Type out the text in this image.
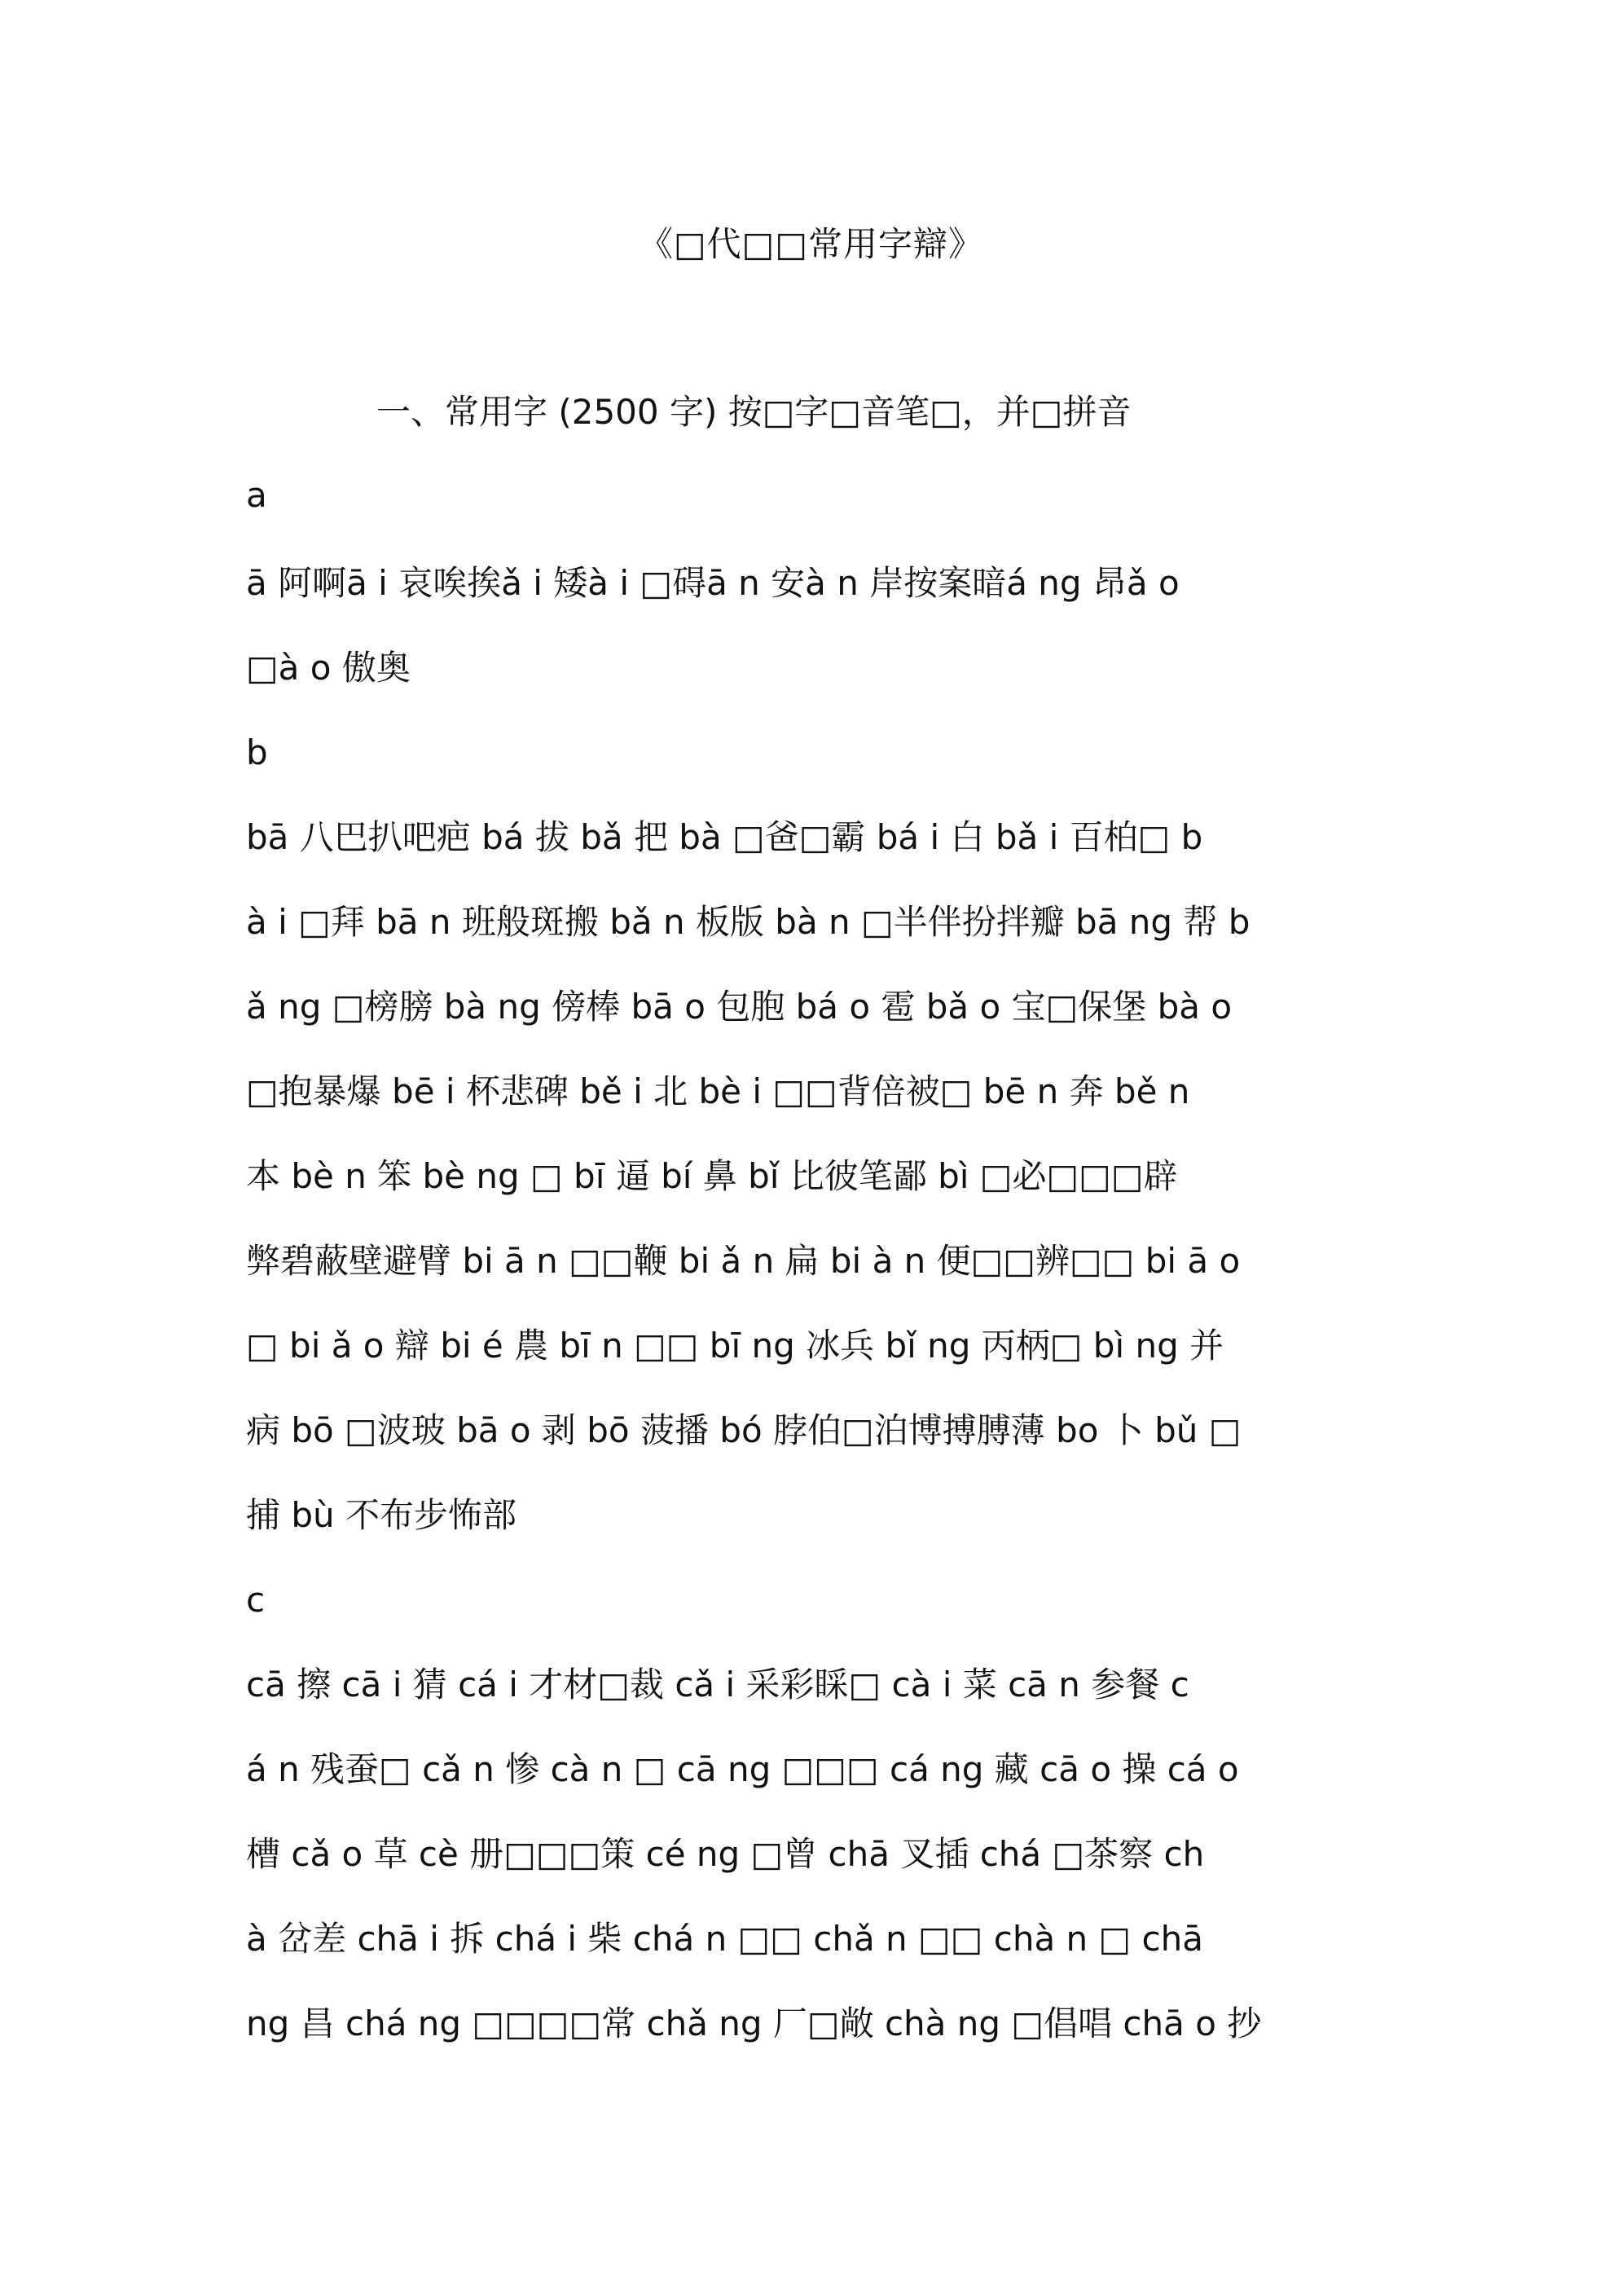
《□代□□常用字辯》
一、常用字 (2500 字) 按□字□音笔□，并□拼音
a
ā 阿啊ā i 哀唉挨ǎ i 矮à i □碍ā n 安à n 岸按案暗á ng 昂ǎ o
□à o 傲奥
b
bā 八巴扒吧疤 bá 拔 bǎ 把 bà □爸□霸 bá i 白 bǎ i 百柏□ b
à i □拜 bā n 班般斑搬 bǎ n 板版 bà n □半伴扮拌瓣 bā ng 帮 b
ǎ ng □榜膀 bà ng 傍棒 bā o 包胞 bá o 雹 bǎ o 宝□保堡 bà o
□抱暴爆 bē i 杯悲碑 bě i 北 bè i □□背倍被□ bē n 奔 bě n
本 bè n 笨 bè ng □ bī 逼 bí 鼻 bǐ 比彼笔鄙 bì □必□□□辟
弊碧蔽壁避臂 bi ā n □□鞭 bi ǎ n 扁 bi à n 便□□辨□□ bi ā o
□ bi ǎ o 辯 bi é 農 bī n □□ bī ng 冰兵 bǐ ng 丙柄□ bì ng 并
病 bō □波玻 bā o 剥 bō 菠播 bó 脖伯□泊博搏膊薄 bo 卜 bǔ □
捕 bù 不布步怖部
c
cā 擦 cā i 猜 cá i 才材□裁 cǎ i 采彩睬□ cà i 菜 cā n 参餐 c
á n 残蚕□ cǎ n 惨 cà n □ cā ng □□□ cá ng 藏 cā o 操 cá o
槽 cǎ o 草 cè 册□□□策 cé ng □曾 chā 叉插 chá □茶察 ch
à 岔差 chā i 拆 chá i 柴 chá n □□ chǎ n □□ chà n □ chā
ng 昌 chá ng □□□□常 chǎ ng 厂□敞 chà ng □倡唱 chā o 抄
